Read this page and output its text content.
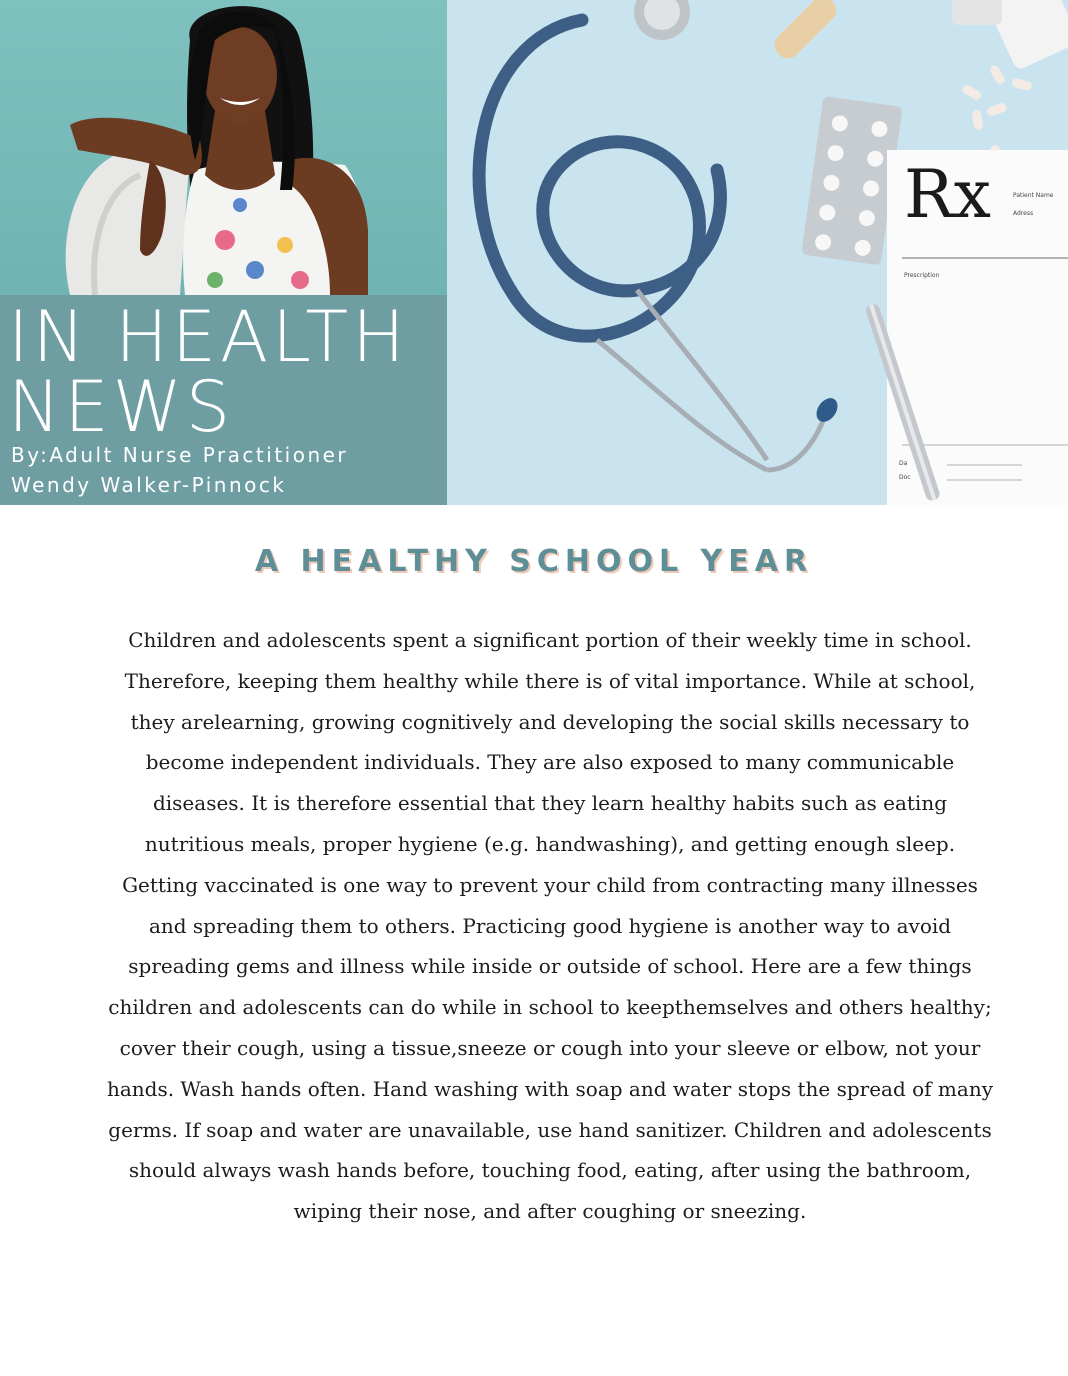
IN HEALTH
NEWS
By:Adult Nurse Practitioner
Wendy Walker-Pinnock
Rx	Patient Name
Adress
Prescription
Da
Doc
A HEALTHY SCHOOL YEAR
Children and adolescents spent a significant portion of their weekly time in school.
Therefore, keeping them healthy while there is of vital importance. While at school,
they arelearning, growing cognitively and developing the social skills necessary to
become independent individuals. They are also exposed to many communicable
diseases. It is therefore essential that they learn healthy habits such as eating
nutritious meals, proper hygiene (e.g. handwashing), and getting enough sleep.
Getting vaccinated is one way to prevent your child from contracting many illnesses
and spreading them to others. Practicing good hygiene is another way to avoid
spreading gems and illness while inside or outside of school. Here are a few things
children and adolescents can do while in school to keepthemselves and others healthy;
cover their cough, using a tissue,sneeze or cough into your sleeve or elbow, not your
hands. Wash hands often. Hand washing with soap and water stops the spread of many
germs. If soap and water are unavailable, use hand sanitizer. Children and adolescents
should always wash hands before, touching food, eating, after using the bathroom,
wiping their nose, and after coughing or sneezing.
